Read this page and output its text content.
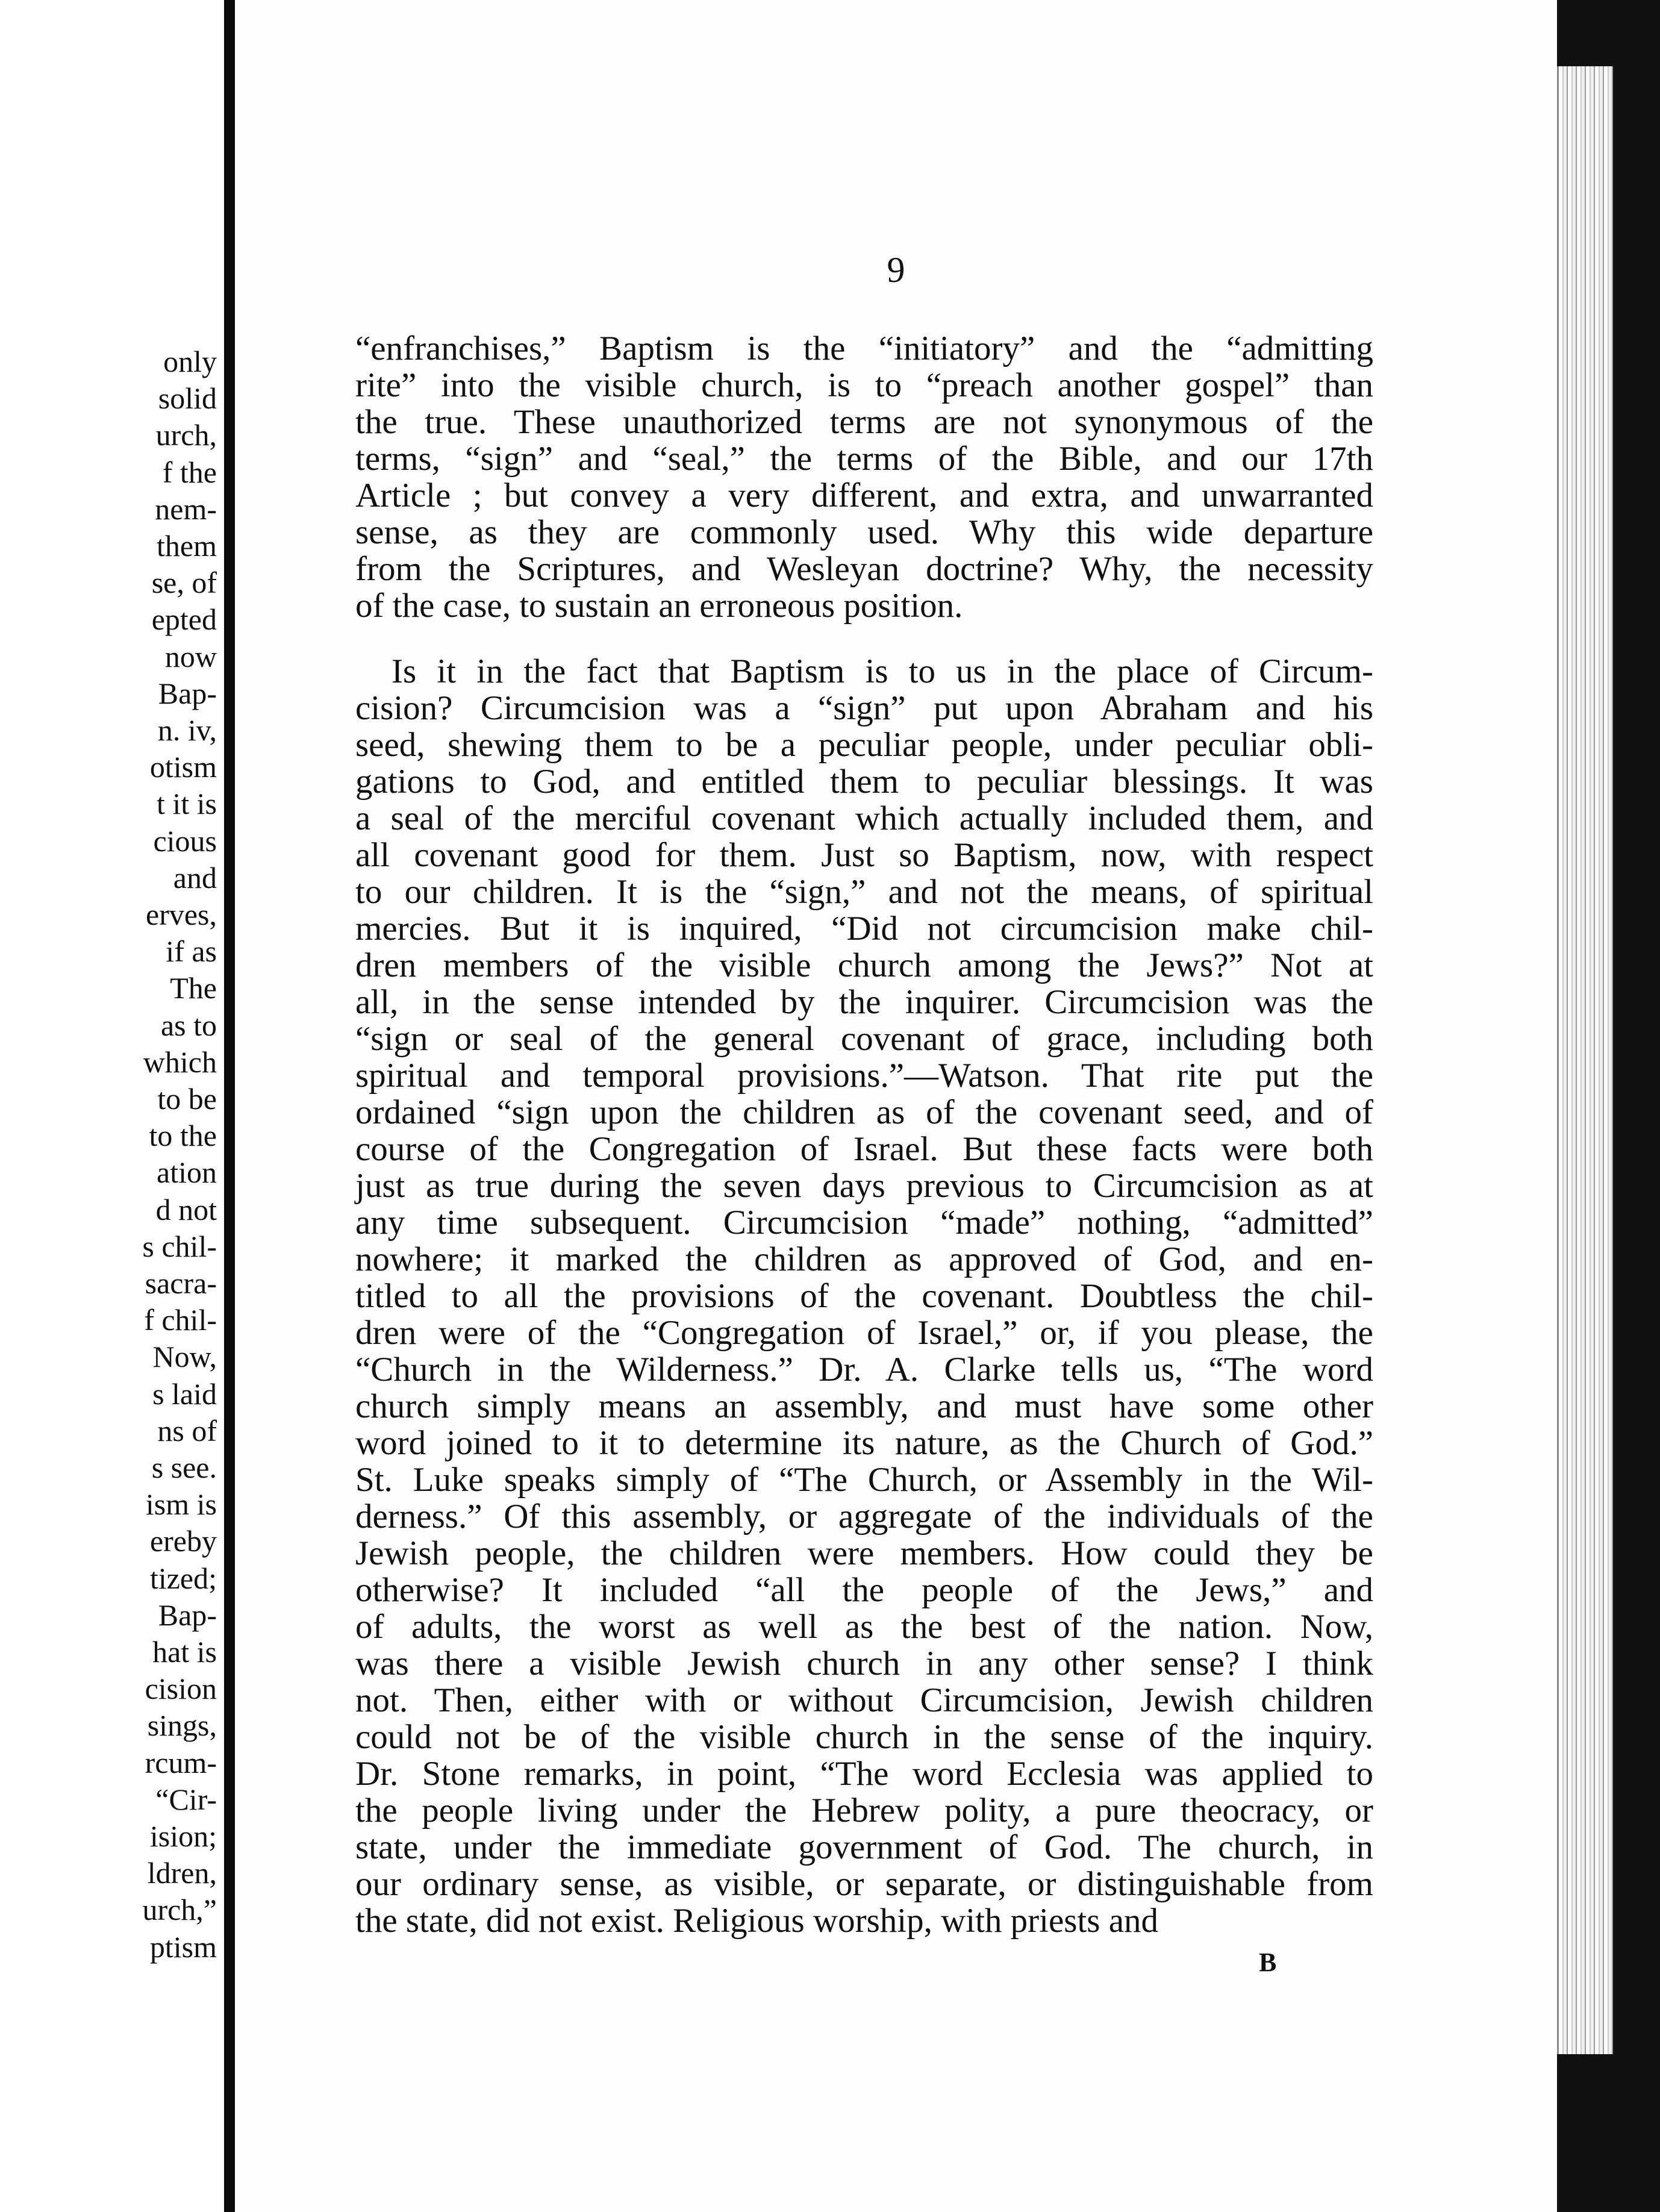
only
solid
urch,
f the
nem-
them
se, of
epted
now
Bap-
n. iv,
otism
t it is
cious
and
erves,
if as
The
as to
which
to be
to the
ation
d not
s chil-
sacra-
f chil-
Now,
s laid
ns of
s see.
ism is
ereby
tized;
Bap-
hat is
cision
sings,
rcum-
“Cir-
ision;
ldren,
urch,”
ptism
9
“enfranchises,” Baptism is the “initiatory” and the “admitting
rite” into the visible church, is to “preach another gospel” than
the true. These unauthorized terms are not synonymous of the
terms, “sign” and “seal,” the terms of the Bible, and our 17th
Article ; but convey a very different, and extra, and unwarranted
sense, as they are commonly used. Why this wide departure
from the Scriptures, and Wesleyan doctrine? Why, the necessity
of the case, to sustain an erroneous position.
Is it in the fact that Baptism is to us in the place of Circum-
cision? Circumcision was a “sign” put upon Abraham and his
seed, shewing them to be a peculiar people, under peculiar obli-
gations to God, and entitled them to peculiar blessings. It was
a seal of the merciful covenant which actually included them, and
all covenant good for them. Just so Baptism, now, with respect
to our children. It is the “sign,” and not the means, of spiritual
mercies. But it is inquired, “Did not circumcision make chil-
dren members of the visible church among the Jews?” Not at
all, in the sense intended by the inquirer. Circumcision was the
“sign or seal of the general covenant of grace, including both
spiritual and temporal provisions.”—Watson. That rite put the
ordained “sign upon the children as of the covenant seed, and of
course of the Congregation of Israel. But these facts were both
just as true during the seven days previous to Circumcision as at
any time subsequent. Circumcision “made” nothing, “admitted”
nowhere; it marked the children as approved of God, and en-
titled to all the provisions of the covenant. Doubtless the chil-
dren were of the “Congregation of Israel,” or, if you please, the
“Church in the Wilderness.” Dr. A. Clarke tells us, “The word
church simply means an assembly, and must have some other
word joined to it to determine its nature, as the Church of God.”
St. Luke speaks simply of “The Church, or Assembly in the Wil-
derness.” Of this assembly, or aggregate of the individuals of the
Jewish people, the children were members. How could they be
otherwise? It included “all the people of the Jews,” and
of adults, the worst as well as the best of the nation. Now,
was there a visible Jewish church in any other sense? I think
not. Then, either with or without Circumcision, Jewish children
could not be of the visible church in the sense of the inquiry.
Dr. Stone remarks, in point, “The word Ecclesia was applied to
the people living under the Hebrew polity, a pure theocracy, or
state, under the immediate government of God. The church, in
our ordinary sense, as visible, or separate, or distinguishable from
the state, did not exist. Religious worship, with priests and
B
